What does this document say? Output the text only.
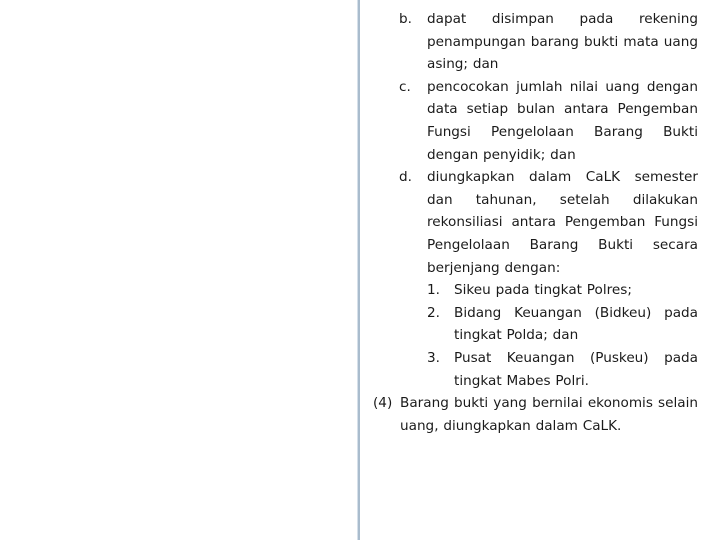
b. dapat disimpan pada rekening penampungan barang bukti mata uang asing; dan
c. pencocokan jumlah nilai uang dengan data setiap bulan antara Pengemban Fungsi Pengelolaan Barang Bukti dengan penyidik; dan
d. diungkapkan dalam CaLK semester dan tahunan, setelah dilakukan rekonsiliasi antara Pengemban Fungsi Pengelolaan Barang Bukti secara berjenjang dengan:
1. Sikeu pada tingkat Polres;
2. Bidang Keuangan (Bidkeu) pada tingkat Polda; dan
3. Pusat Keuangan (Puskeu) pada tingkat Mabes Polri.
(4) Barang bukti yang bernilai ekonomis selain uang, diungkapkan dalam CaLK.
